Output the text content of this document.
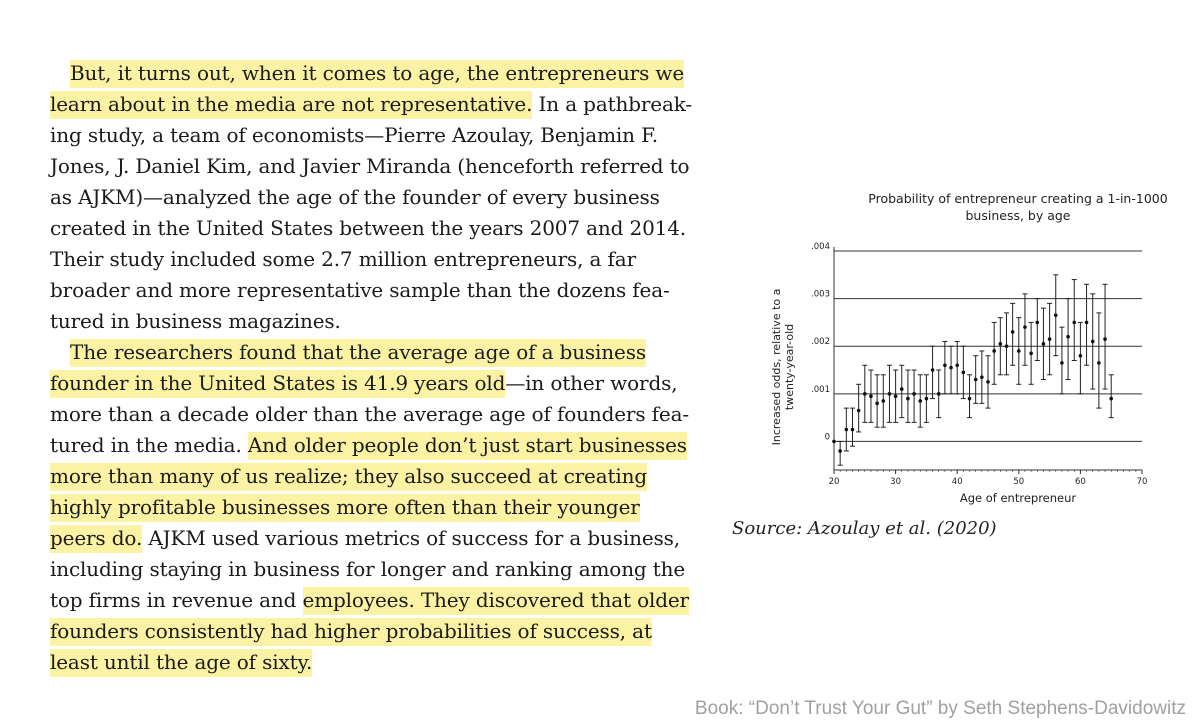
But, it turns out, when it comes to age, the entrepreneurs we
learn about in the media are not representative. In a pathbreak-
ing study, a team of economists—Pierre Azoulay, Benjamin F.
Jones, J. Daniel Kim, and Javier Miranda (henceforth referred to
as AJKM)—analyzed the age of the founder of every business
created in the United States between the years 2007 and 2014.
Their study included some 2.7 million entrepreneurs, a far
broader and more representative sample than the dozens fea-
tured in business magazines.
The researchers found that the average age of a business
founder in the United States is 41.9 years old—in other words,
more than a decade older than the average age of founders fea-
tured in the media. And older people don’t just start businesses
more than many of us realize; they also succeed at creating
highly profitable businesses more often than their younger
peers do. AJKM used various metrics of success for a business,
including staying in business for longer and ranking among the
top firms in revenue and employees. They discovered that older
founders consistently had higher probabilities of success, at
least until the age of sixty.
Probability of entrepreneur creating a 1-in-1000
business, by age
Increased odds, relative to a twenty-year-old
Age of entrepreneur
0
.001
.002
.003
.004
20	30	40	50	60	70
Source: Azoulay et al. (2020)
Book: “Don’t Trust Your Gut” by Seth Stephens-Davidowitz
